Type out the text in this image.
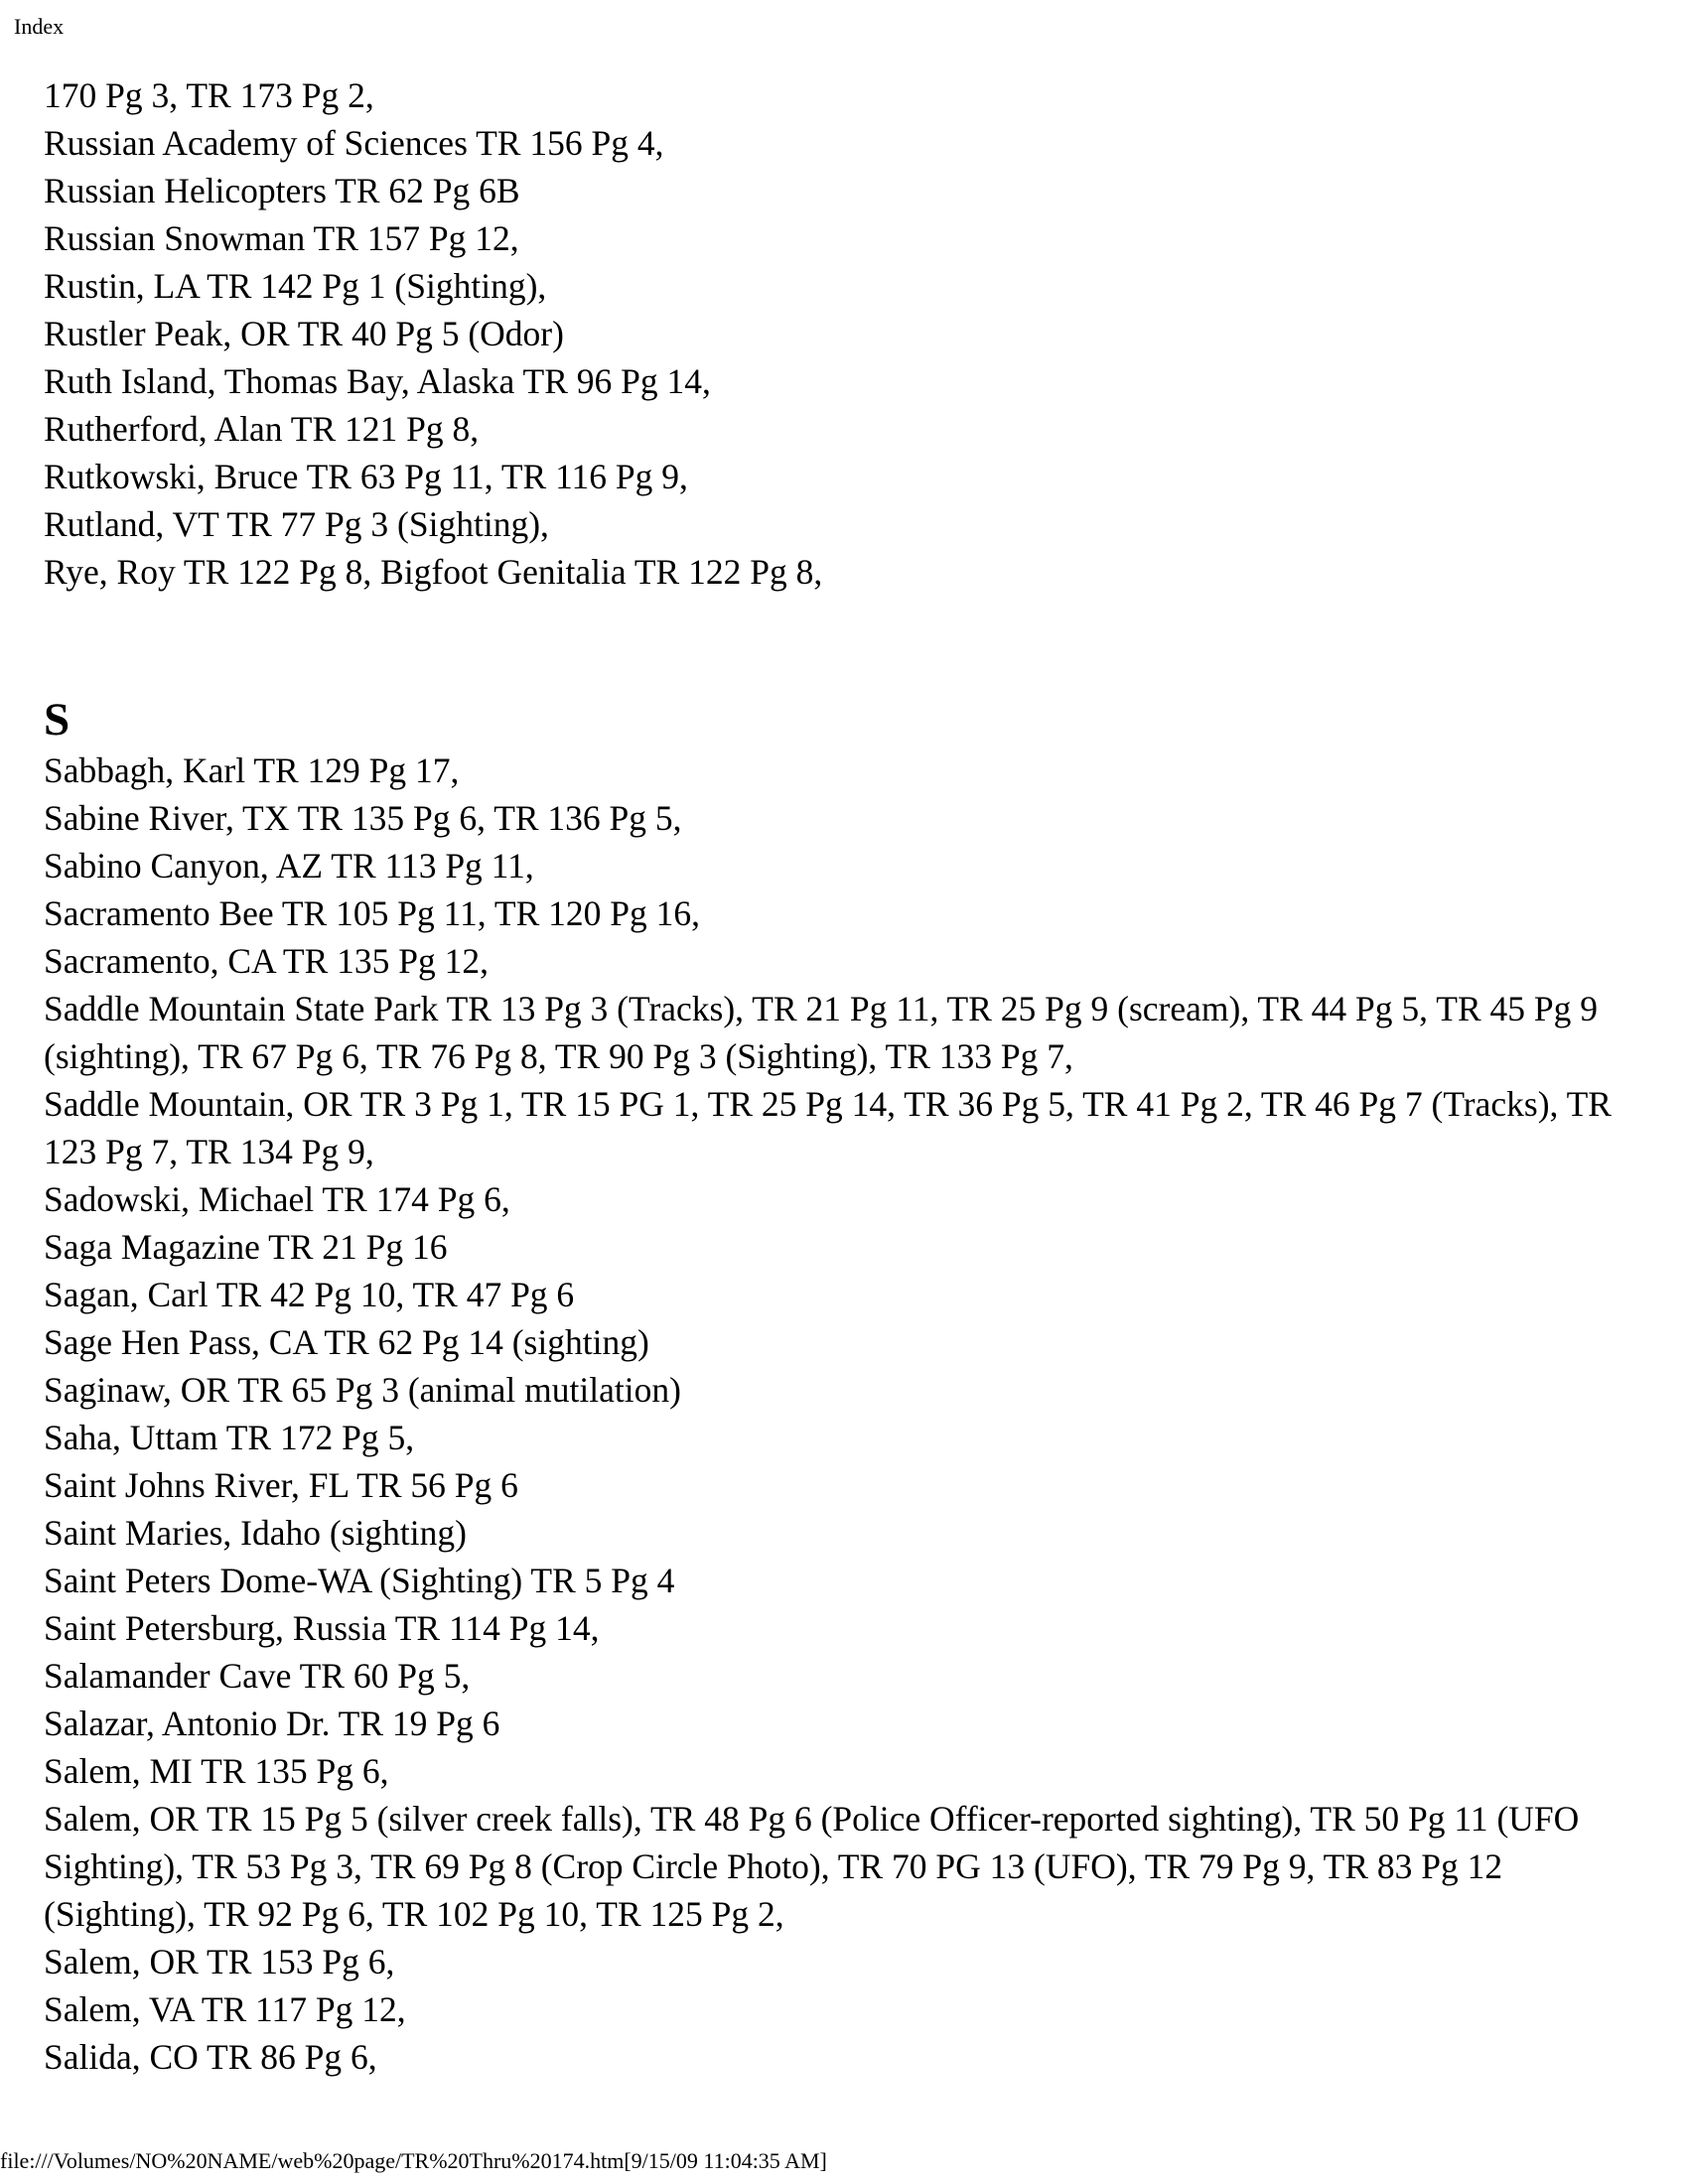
Index

170 Pg 3, TR 173 Pg 2,

Russian Academy of Sciences TR 156 Pg 4,

Russian Helicopters TR 62 Pg 6B

Russian Snowman TR 157 Pg 12,

Rustin, LA TR 142 Pg 1 (Sighting),

Rustler Peak, OR TR 40 Pg 5 (Odor)

Ruth Island, Thomas Bay, Alaska TR 96 Pg 14,

Rutherford, Alan TR 121 Pg 8,

Rutkowski, Bruce TR 63 Pg 11, TR 116 Pg 9,

Rutland, VT TR 77 Pg 3 (Sighting),

Rye, Roy TR 122 Pg 8, Bigfoot Genitalia TR 122 Pg 8,

S

Sabbagh, Karl TR 129 Pg 17,

Sabine River, TX TR 135 Pg 6, TR 136 Pg 5,

Sabino Canyon, AZ TR 113 Pg 11,

Sacramento Bee TR 105 Pg 11, TR 120 Pg 16,

Sacramento, CA TR 135 Pg 12,

Saddle Mountain State Park TR 13 Pg 3 (Tracks), TR 21 Pg 11, TR 25 Pg 9 (scream), TR 44 Pg 5, TR 45 Pg 9 (sighting), TR 67 Pg 6, TR 76 Pg 8, TR 90 Pg 3 (Sighting), TR 133 Pg 7,

Saddle Mountain, OR TR 3 Pg 1, TR 15 PG 1, TR 25 Pg 14, TR 36 Pg 5, TR 41 Pg 2, TR 46 Pg 7 (Tracks), TR 123 Pg 7, TR 134 Pg 9,

Sadowski, Michael TR 174 Pg 6,

Saga Magazine TR 21 Pg 16

Sagan, Carl TR 42 Pg 10, TR 47 Pg 6

Sage Hen Pass, CA TR 62 Pg 14 (sighting)

Saginaw, OR TR 65 Pg 3 (animal mutilation)

Saha, Uttam TR 172 Pg 5,

Saint Johns River, FL TR 56 Pg 6

Saint Maries, Idaho (sighting)

Saint Peters Dome-WA (Sighting) TR 5 Pg 4

Saint Petersburg, Russia TR 114 Pg 14,

Salamander Cave TR 60 Pg 5,

Salazar, Antonio Dr. TR 19 Pg 6

Salem, MI TR 135 Pg 6,

Salem, OR TR 15 Pg 5 (silver creek falls), TR 48 Pg 6 (Police Officer-reported sighting), TR 50 Pg 11 (UFO Sighting), TR 53 Pg 3, TR 69 Pg 8 (Crop Circle Photo), TR 70 PG 13 (UFO), TR 79 Pg 9, TR 83 Pg 12 (Sighting), TR 92 Pg 6, TR 102 Pg 10, TR 125 Pg 2,

Salem, OR TR 153 Pg 6,

Salem, VA TR 117 Pg 12,

Salida, CO TR 86 Pg 6,

file:///Volumes/NO%20NAME/web%20page/TR%20Thru%20174.htm[9/15/09 11:04:35 AM]
